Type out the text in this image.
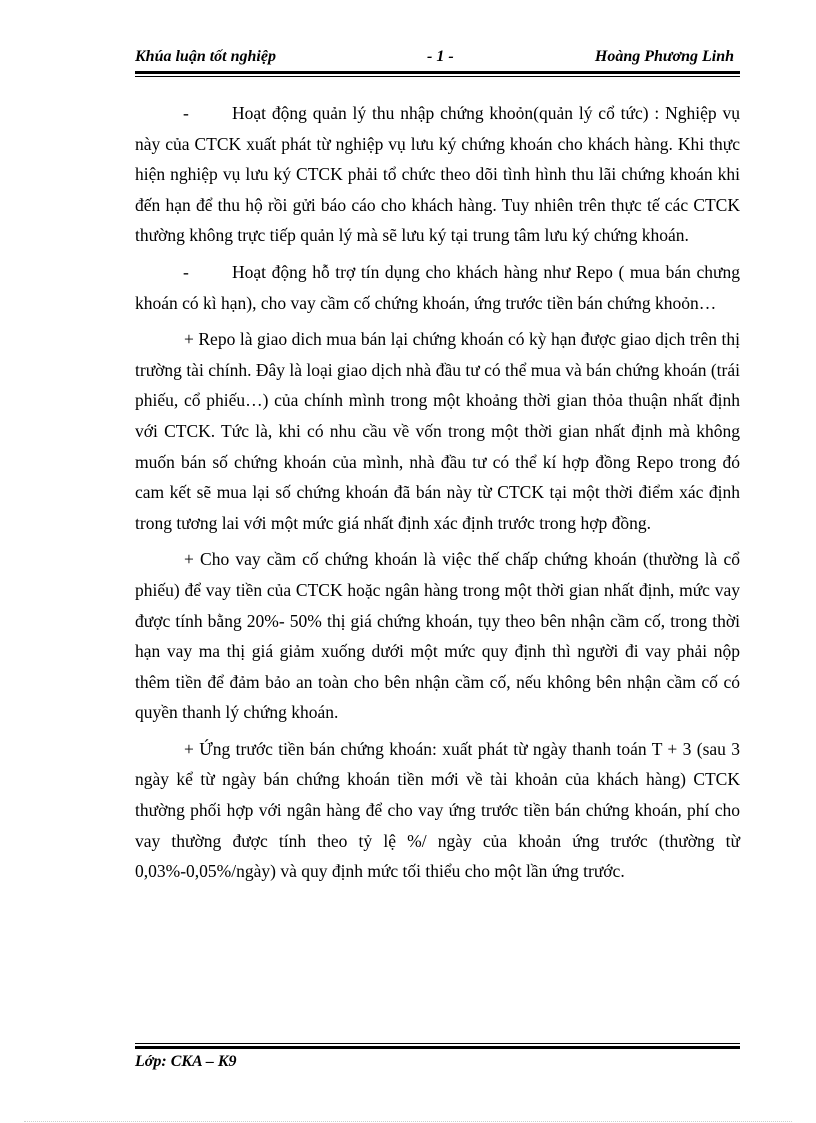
Khúa luận tốt nghiệp	- 1 -	Hoàng Phương Linh

- Hoạt động quản lý thu nhập chứng khoỏn(quản lý cổ tức) : Nghiệp vụ này của CTCK xuất phát từ nghiệp vụ lưu ký chứng khoán cho khách hàng. Khi thực hiện nghiệp vụ lưu ký CTCK phải tổ chức theo dõi tình hình thu lãi chứng khoán khi đến hạn để thu hộ rồi gửi báo cáo cho khách hàng. Tuy nhiên trên thực tế các CTCK thường không trực tiếp quản lý mà sẽ lưu ký tại trung tâm lưu ký chứng khoán.

- Hoạt động hỗ trợ tín dụng cho khách hàng như Repo ( mua bán chưng khoán có kì hạn), cho vay cầm cố chứng khoán, ứng trước tiền bán chứng khoỏn…

+ Repo là giao dich mua bán lại chứng khoán có kỳ hạn được giao dịch trên thị trường tài chính. Đây là loại giao dịch nhà đầu tư có thể mua và bán chứng khoán (trái phiếu, cổ phiếu…) của chính mình trong một khoảng thời gian thỏa thuận nhất định với CTCK. Tức là, khi có nhu cầu về vốn trong một thời gian nhất định mà không muốn bán số chứng khoán của mình, nhà đầu tư có thể kí hợp đồng Repo trong đó cam kết sẽ mua lại số chứng khoán đã bán này từ CTCK tại một thời điểm xác định trong tương lai với một mức giá nhất định xác định trước trong hợp đồng.

+ Cho vay cầm cố chứng khoán là việc thế chấp chứng khoán (thường là cổ phiếu) để vay tiền của CTCK hoặc ngân hàng trong một thời gian nhất định, mức vay được tính bằng 20%- 50% thị giá chứng khoán, tụy theo bên nhận cầm cố, trong thời hạn vay ma thị giá giảm xuống dưới một mức quy định thì người đi vay phải nộp thêm tiền để đảm bảo an toàn cho bên nhận cầm cố, nếu không bên nhận cầm cố có quyền thanh lý chứng khoán.

+ Ứng trước tiền bán chứng khoán: xuất phát từ ngày thanh toán T + 3 (sau 3 ngày kể từ ngày bán chứng khoán tiền mới về tài khoản của khách hàng) CTCK thường phối hợp với ngân hàng để cho vay ứng trước tiền bán chứng khoán, phí cho vay thường được tính theo tỷ lệ %/ ngày của khoản ứng trước (thường từ 0,03%-0,05%/ngày) và quy định mức tối thiểu cho một lần ứng trước.

Lớp: CKA – K9
